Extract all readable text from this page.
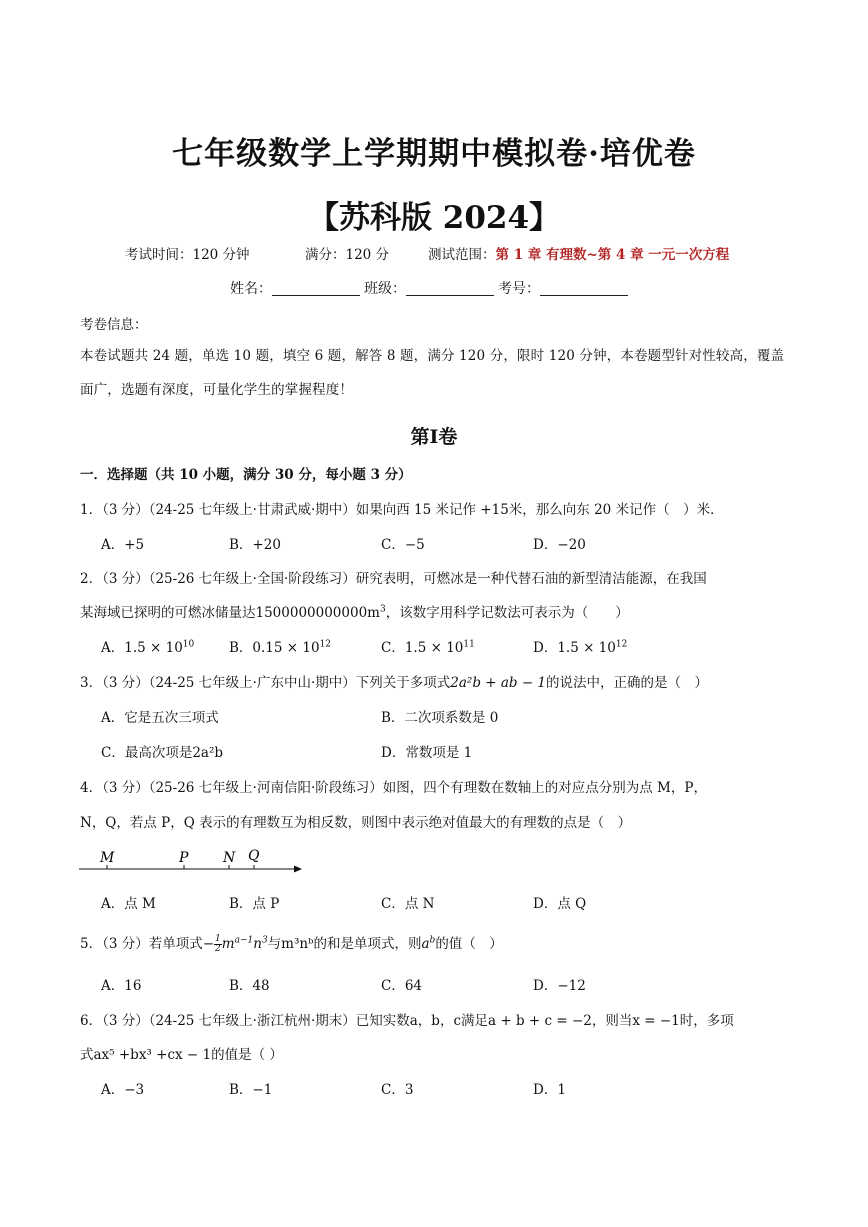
七年级数学上学期期中模拟卷·培优卷
【苏科版 2024】
考试时间：120 分钟	满分：120 分	测试范围：第 1 章 有理数~第 4 章 一元一次方程
姓名：	班级：	考号：
考卷信息：
本卷试题共 24 题，单选 10 题，填空 6 题，解答 8 题，满分 120 分，限时 120 分钟，本卷题型针对性较高，覆盖面广，选题有深度，可量化学生的掌握程度！
第Ⅰ卷
一．选择题（共 10 小题，满分 30 分，每小题 3 分）
1．（3 分）（24-25 七年级上·甘肃武威·期中）如果向西 15 米记作 +15米，那么向东 20 米记作（　）米．
A．+5	B．+20	C．−5	D．−20
2．（3 分）（25-26 七年级上·全国·阶段练习）研究表明，可燃冰是一种代替石油的新型清洁能源，在我国
某海域已探明的可燃冰储量达$1500000000000m^3$，该数字用科学记数法可表示为（　　）
A．$1.5 \times 10^{10}$	B．$0.15 \times 10^{12}$	C．$1.5 \times 10^{11}$	D．$1.5 \times 10^{12}$
3．（3 分）（24-25 七年级上·广东中山·期中）下列关于多项式2a²b + ab − 1的说法中，正确的是（　）
A．它是五次三项式	B．二次项系数是 0
C．最高次项是2a²b	D．常数项是 1
4．（3 分）（25-26 七年级上·河南信阳·阶段练习）如图，四个有理数在数轴上的对应点分别为点 M，P，
N，Q，若点 P，Q 表示的有理数互为相反数，则图中表示绝对值最大的有理数的点是（　）
M	P N Q
A．点 M	B．点 P	C．点 N	D．点 Q
5．（3 分）若单项式− $\frac{1}{2} m^{a-1}n^3$与m³nᵇ的和是单项式，则$a^b$的值（　）
A．16	B．48	C．64	D．−12
6．（3 分）（24-25 七年级上·浙江杭州·期末）已知实数a，b，c满足a + b + c = −2，则当x = −1时，多项
式ax⁵ +bx³ +cx − 1的值是（ ）
A．−3	B．−1	C．3	D．1
